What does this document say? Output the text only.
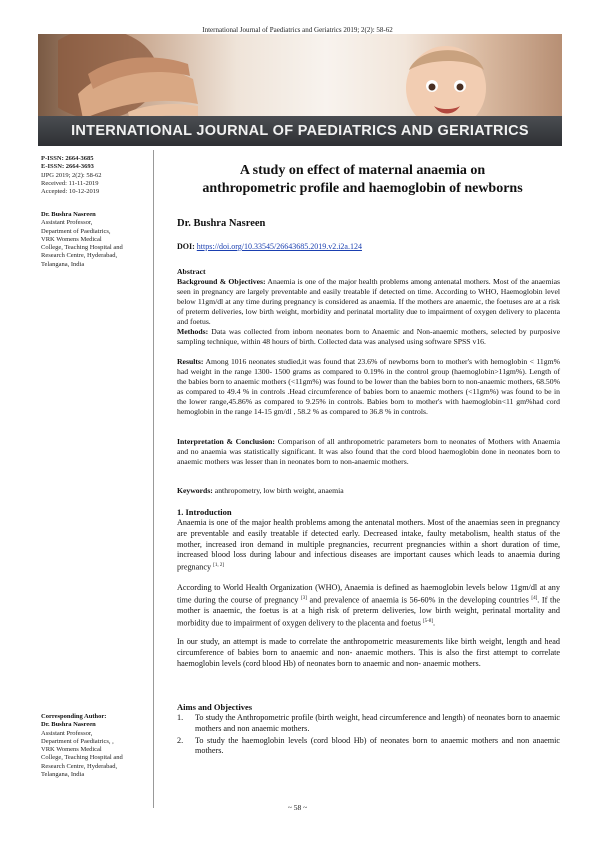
International Journal of Paediatrics and Geriatrics 2019; 2(2): 58-62
INTERNATIONAL JOURNAL OF PAEDIATRICS AND GERIATRICS

P-ISSN: 2664-3685

E-ISSN: 2664-3693

IJPG 2019; 2(2): 58-62

Received: 11-11-2019

Accepted: 10-12-2019

Dr. Bushra Nasreen

Assistant Professor,

Department of Paediatrics,

VRK Womens Medical

College, Teaching Hospital and

Research Centre, Hyderabad,

Telangana, India

Corresponding Author:

Dr. Bushra Nasreen

Assistant Professor,

Department of Paediatrics, ,

VRK Womens Medical

College, Teaching Hospital and

Research Centre, Hyderabad,

Telangana, India

A study on effect of maternal anaemia on
anthropometric profile and haemoglobin of newborns

Dr. Bushra Nasreen

DOI: https://doi.org/10.33545/26643685.2019.v2.i2a.124

Abstract

Background & Objectives: Anaemia is one of the major health problems among antenatal mothers. Most of the anaemias seen in pregnancy are largely preventable and easily treatable if detected on time. According to WHO, Haemoglobin level below 11gm/dl at any time during pregnancy is considered as anaemia. If the mothers are anaemic, the foetuses are at a risk of preterm deliveries, low birth weight, morbidity and perinatal mortality due to impairment of oxygen delivery to placenta and foetus.

Methods: Data was collected from inborn neonates born to Anaemic and Non-anaemic mothers, selected by purposive sampling technique, within 48 hours of birth. Collected data was analysed using software SPSS v16.

Results: Among 1016 neonates studied,it was found that 23.6% of newborns born to mother's with hemoglobin < 11gm% had weight in the range 1300- 1500 grams as compared to 0.19% in the control group (haemoglobin>11gm%). Length of the babies born to anaemic mothers (<11gm%) was found to be lower than the babies born to non-anaemic mothers, 68.50% as compared to 49.4 % in controls .Head circumference of babies born to anaemic mothers (<11gm%) was found to be in the lower range,45.86% as compared to 9.25% in controls. Babies born to mother's with haemoglobin<11 gm%had cord hemoglobin in the range 14-15 gm/dl , 58.2 % as compared to 36.8 % in controls.

Interpretation & Conclusion: Comparison of all anthropometric parameters born to neonates of Mothers with Anaemia and no anaemia was statistically significant. It was also found that the cord blood haemoglobin done in neonates born to anaemic mothers was lesser than in neonates born to non-anaemic mothers.

Keywords: anthropometry, low birth weight, anaemia

1. Introduction

Anaemia is one of the major health problems among the antenatal mothers. Most of the anaemias seen in pregnancy are preventable and easily treatable if detected early. Decreased intake, faulty metabolism, health status of the mother, increased iron demand in multiple pregnancies, recurrent pregnancies within a short duration of time, increased blood loss during labour and infectious diseases are important causes which leads to anaemia during pregnancy [1, 2]

According to World Health Organization (WHO), Anaemia is defined as haemoglobin levels below 11gm/dl at any time during the course of pregnancy [3] and prevalence of anaemia is 56-60% in the developing countries [4]. If the mother is anaemic, the foetus is at a high risk of preterm deliveries, low birth weight, perinatal mortality and morbidity due to impairment of oxygen delivery to the placenta and foetus [5-8].

In our study, an attempt is made to correlate the anthropometric measurements like birth weight, length and head circumference of babies born to anaemic and non- anaemic mothers. This is also the first attempt to correlate haemoglobin levels (cord blood Hb) of neonates born to anaemic and non- anaemic mothers.

Aims and Objectives

1.	To study the Anthropometric profile (birth weight, head circumference and length) of neonates born to anaemic mothers and non anaemic mothers.
2.	To study the haemoglobin levels (cord blood Hb) of neonates born to anaemic mothers and non anaemic mothers.
~ 58 ~
